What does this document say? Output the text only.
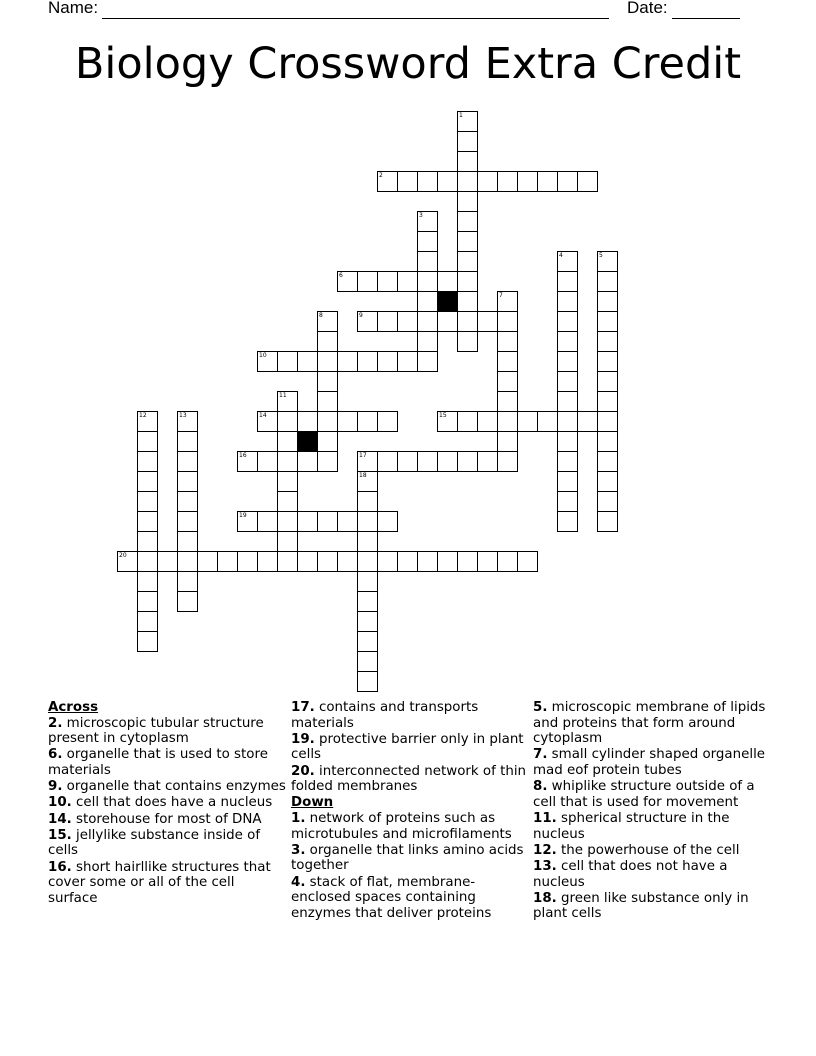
Name:	Date:
Biology Crossword Extra Credit
1
2
3
4	5
6
7
8	9
10
11
12	13	14	15
16	17
18
19
20
Across
2. microscopic tubular structure present in cytoplasm
6. organelle that is used to store materials
9. organelle that contains enzymes
10. cell that does have a nucleus
14. storehouse for most of DNA
15. jellylike substance inside of cells
16. short hairllike structures that cover some or all of the cell surface
17. contains and transports materials
19. protective barrier only in plant cells
20. interconnected network of thin folded membranes
Down
1. network of proteins such as microtubules and microfilaments
3. organelle that links amino acids together
4. stack of flat, membrane-enclosed spaces containing enzymes that deliver proteins
5. microscopic membrane of lipids and proteins that form around cytoplasm
7. small cylinder shaped organelle mad eof protein tubes
8. whiplike structure outside of a cell that is used for movement
11. spherical structure in the nucleus
12. the powerhouse of the cell
13. cell that does not have a nucleus
18. green like substance only in plant cells
